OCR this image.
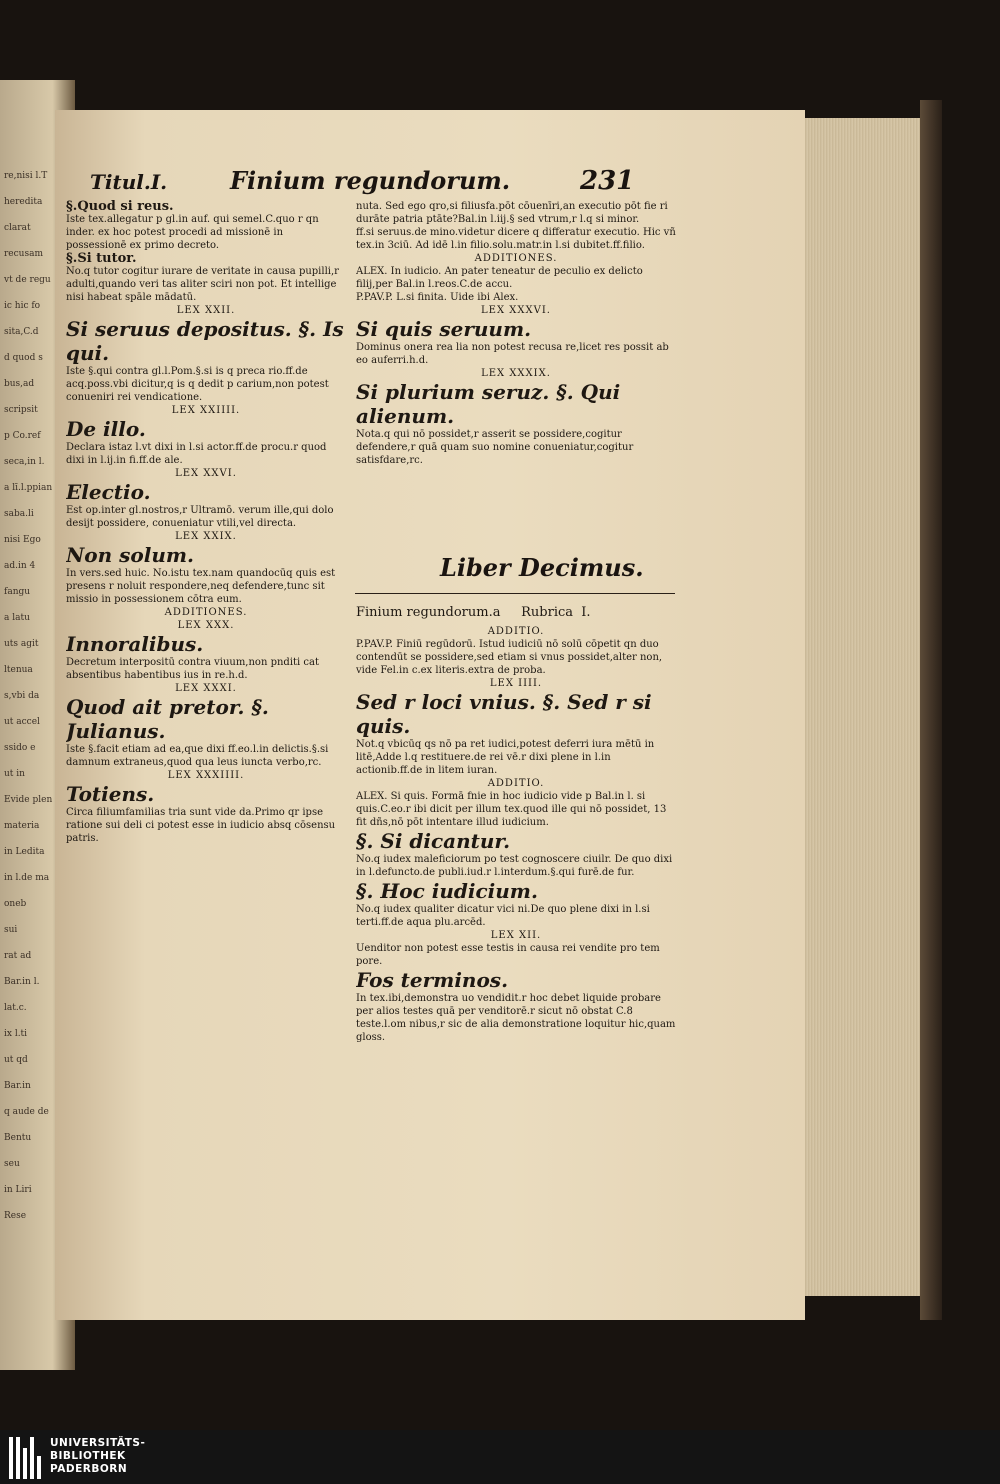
re,nisi l.T
heredita
clarat
recusam
vt de regu
ic hic fo
sita,C.d
d quod s
bus,ad
scripsit
p Co.ref
seca,in l.
a lī.l.ppian
saba.li
nisi Ego
ad.in 4
fangu
a latu
uts agit
ltenua
s,vbi da
ut accel
ssido e
ut in
Evide plen
materia
in Ledita
in l.de ma
oneb
sui
rat ad
Bar.in l.
lat.c.
ix l.ti
ut qd
Bar.in
q aude de
Bentu
seu
in Liri
Rese
Titul.I.	Finium regundorum.	231

§.Quod si reus.

Iste tex.allegatur p gl.in auf. qui semel.C.quo r qn inder. ex hoc potest procedi ad missionē in possessionē ex primo decreto.

§.Si tutor.

No.q tutor cogitur iurare de veritate in causa pupilli,r adulti,quando veri tas aliter sciri non pot. Et intellige nisi habeat spāle mādatū.

LEX XXII.

Si seruus depositus. §. Is qui.

Iste §.qui contra gl.l.Pom.§.si is q preca rio.ff.de acq.poss.vbi dicitur,q is q dedit p carium,non potest conueniri rei vendicatione.

LEX XXIIII.

De illo.

Declara istaz l.vt dixi in l.si actor.ff.de procu.r quod dixi in l.ij.in fi.ff.de ale.

LEX XXVI.

Electio.

Est op.inter gl.nostros,r Ultramō. verum ille,qui dolo desijt possidere, conueniatur vtili,vel directa.

LEX XXIX.

Non solum.

In vers.sed huic. No.istu tex.nam quandocūq quis est presens r noluit respondere,neq defendere,tunc sit missio in possessionem cōtra eum.

ADDITIONES.

LEX XXX.

Innoralibus.

Decretum interpositū contra viuum,non pnditi cat absentibus habentibus ius in re.h.d.

LEX XXXI.

Quod ait pretor. §. Julianus.

Iste §.facit etiam ad ea,que dixi ff.eo.l.in delictis.§.si damnum extraneus,quod qua leus iuncta verbo,rc.

LEX XXXIIII.

Totiens.

Circa filiumfamilias tria sunt vide da.Primo qr ipse ratione sui deli ci potest esse in iudicio absq cōsensu patris.

nuta. Sed ego qro,si filiusfa.pōt cōuenīri,an executio pōt fie ri durāte patria ptāte?Bal.in l.iij.§ sed vtrum,r l.q si minor.

ff.si seruus.de mino.videtur dicere q differatur executio. Hic vñ tex.in 3ciū. Ad idē l.in filio.solu.matr.in l.si dubitet.ff.filio.

ADDITIONES.

ALEX. In iudicio. An pater teneatur de peculio ex delicto filij,per Bal.in l.reos.C.de accu.

P.PAV.P. L.si finita. Uide ibi Alex.

LEX XXXVI.

Si quis seruum.

Dominus onera rea lia non potest recusa re,licet res possit ab eo auferri.h.d.

LEX XXXIX.

Si plurium seruz. §. Qui alienum.

Nota.q qui nō possidet,r asserit se possidere,cogitur defendere,r quā quam suo nomine conueniatur,cogitur satisfdare,rc.

Liber Decimus.

Finium regundorum.a     Rubrica  I.

ADDITIO.

P.PAV.P. Finiū regūdorū. Istud iudiciū nō solū cōpetit qn duo contendūt se possidere,sed etiam si vnus possidet,alter non, vide Fel.in c.ex literis.extra de proba.

LEX IIII.

Sed r loci vnius. §. Sed r si quis.

Not.q vbicūq qs nō pa ret iudici,potest deferri iura mētū in litē,Adde l.q restituere.de rei vē.r dixi plene in l.in actionib.ff.de in litem iuran.

ADDITIO.

ALEX. Si quis. Formā fnie in hoc iudicio vide p Bal.in l. si quis.C.eo.r ibi dicit per illum tex.quod ille qui nō possidet, 13 fit dñs,nō pōt intentare illud iudicium.

§. Si dicantur.

No.q iudex maleficiorum po test cognoscere ciuilr. De quo dixi in l.defuncto.de publi.iud.r l.interdum.§.qui furē.de fur.

§. Hoc iudicium.

No.q iudex qualiter dicatur vici ni.De quo plene dixi in l.si terti.ff.de aqua plu.arcēd.

LEX XII.

Uenditor non potest esse testis in causa rei vendite pro tem pore.

Fos terminos.

In tex.ibi,demonstra uo vendidit.r hoc debet liquide probare per alios testes quā per venditorē.r sicut nō obstat C.8 teste.l.om nibus,r sic de alia demonstratione loquitur hic,quam gloss.

UNIVERSITÄTS-
BIBLIOTHEK
PADERBORN
